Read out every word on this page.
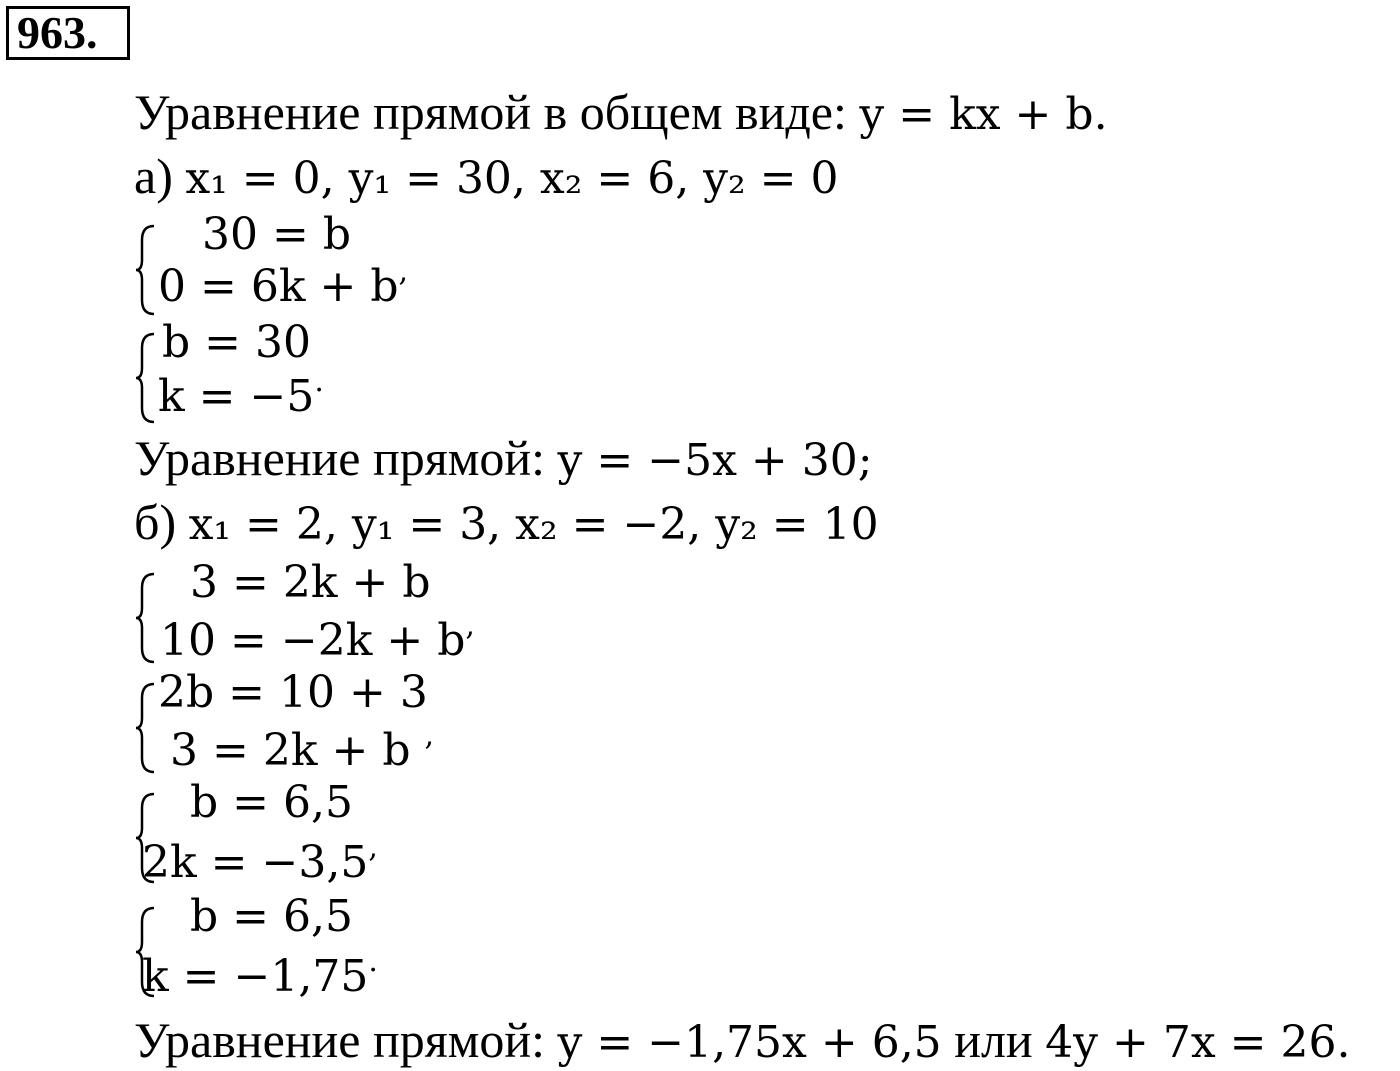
963.
Уравнение прямой в общем виде: y = kx + b.
а) x₁ = 0, y₁ = 30, x₂ = 6, y₂ = 0
30 = b
0 = 6k + b,
b = 30
k = −5.
Уравнение прямой: y = −5x + 30;
б) x₁ = 2, y₁ = 3, x₂ = −2, y₂ = 10
3 = 2k + b
10 = −2k + b,
2b = 10 + 3
3 = 2k + b ,
b = 6,5
2k = −3,5,
b = 6,5
k = −1,75.
Уравнение прямой: y = −1,75x + 6,5 или 4y + 7x = 26.
